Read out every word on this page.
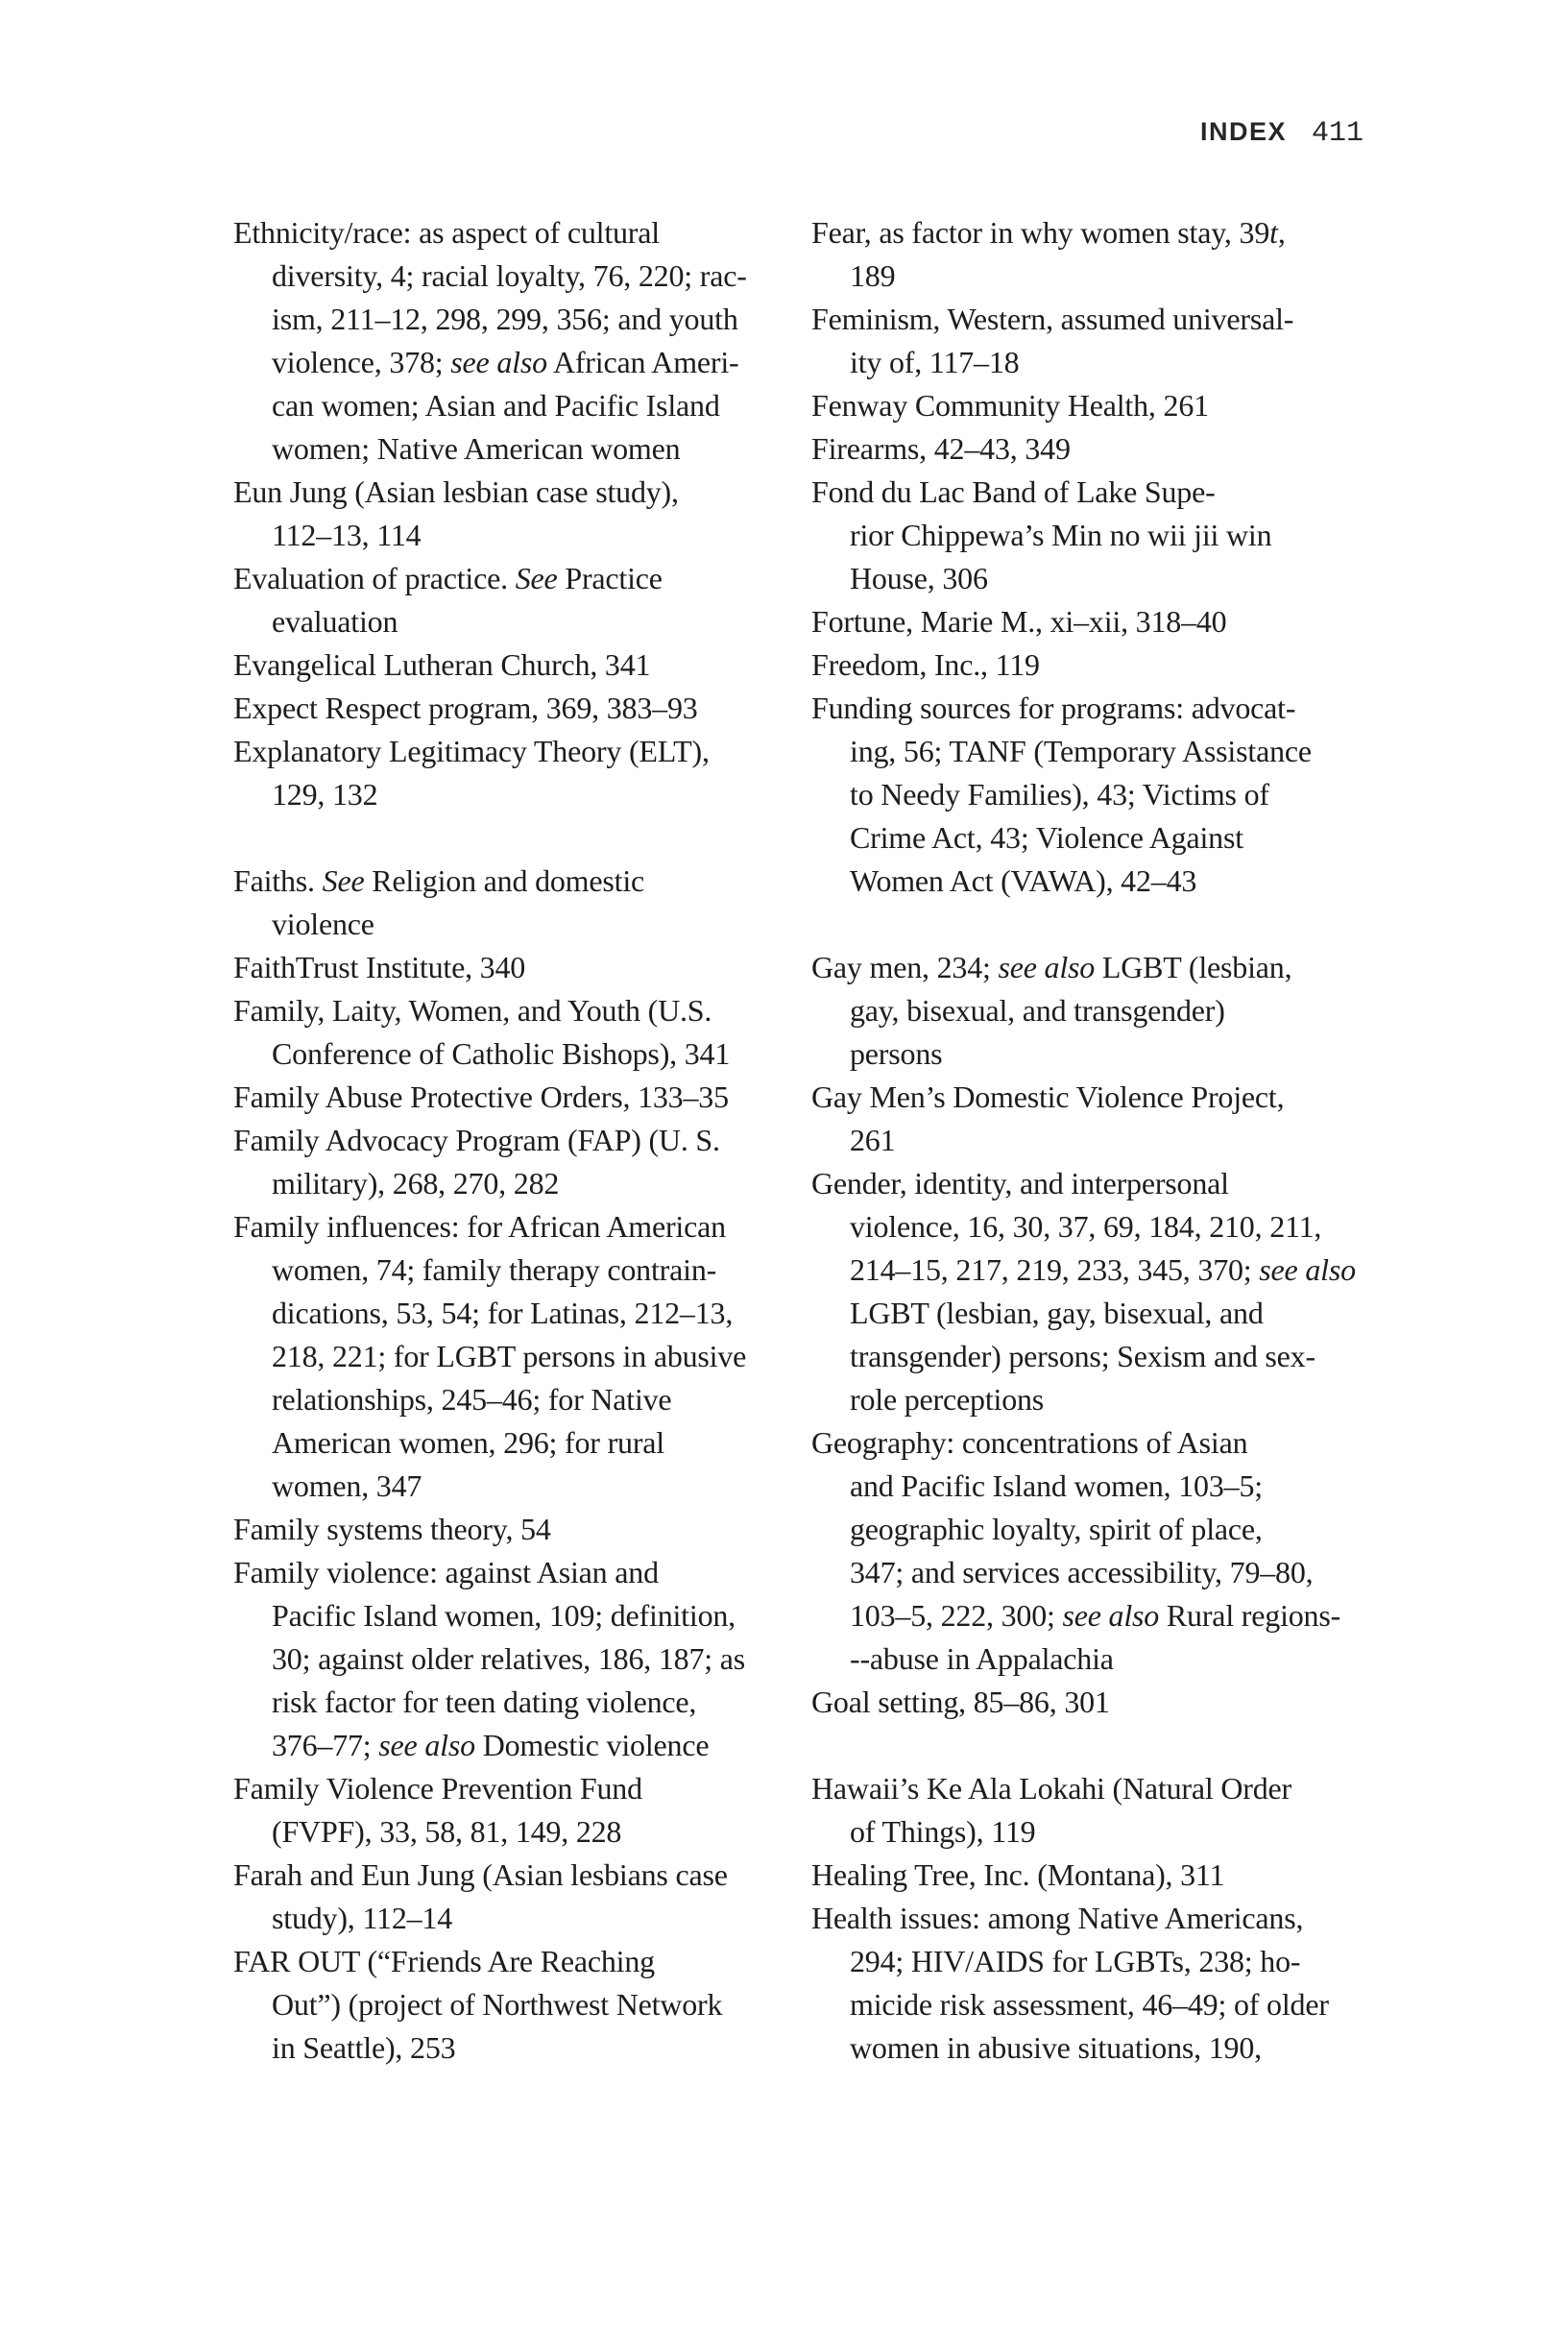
INDEX 411
Ethnicity/race: as aspect of cultural
diversity, 4; racial loyalty, 76, 220; rac-
ism, 211–12, 298, 299, 356; and youth
violence, 378; see also African Ameri-
can women; Asian and Pacific Island
women; Native American women
Eun Jung (Asian lesbian case study),
112–13, 114
Evaluation of practice. See Practice
evaluation
Evangelical Lutheran Church, 341
Expect Respect program, 369, 383–93
Explanatory Legitimacy Theory (ELT),
129, 132
Faiths. See Religion and domestic
violence
FaithTrust Institute, 340
Family, Laity, Women, and Youth (U.S.
Conference of Catholic Bishops), 341
Family Abuse Protective Orders, 133–35
Family Advocacy Program (FAP) (U. S.
military), 268, 270, 282
Family influences: for African American
women, 74; family therapy contrain-
dications, 53, 54; for Latinas, 212–13,
218, 221; for LGBT persons in abusive
relationships, 245–46; for Native
American women, 296; for rural
women, 347
Family systems theory, 54
Family violence: against Asian and
Pacific Island women, 109; definition,
30; against older relatives, 186, 187; as
risk factor for teen dating violence,
376–77; see also Domestic violence
Family Violence Prevention Fund
(FVPF), 33, 58, 81, 149, 228
Farah and Eun Jung (Asian lesbians case
study), 112–14
FAR OUT (“Friends Are Reaching
Out”) (project of Northwest Network
in Seattle), 253
Fear, as factor in why women stay, 39t,
189
Feminism, Western, assumed universal-
ity of, 117–18
Fenway Community Health, 261
Firearms, 42–43, 349
Fond du Lac Band of Lake Supe-
rior Chippewa’s Min no wii jii win
House, 306
Fortune, Marie M., xi–xii, 318–40
Freedom, Inc., 119
Funding sources for programs: advocat-
ing, 56; TANF (Temporary Assistance
to Needy Families), 43; Victims of
Crime Act, 43; Violence Against
Women Act (VAWA), 42–43
Gay men, 234; see also LGBT (lesbian,
gay, bisexual, and transgender)
persons
Gay Men’s Domestic Violence Project,
261
Gender, identity, and interpersonal
violence, 16, 30, 37, 69, 184, 210, 211,
214–15, 217, 219, 233, 345, 370; see also
LGBT (lesbian, gay, bisexual, and
transgender) persons; Sexism and sex-
role perceptions
Geography: concentrations of Asian
and Pacific Island women, 103–5;
geographic loyalty, spirit of place,
347; and services accessibility, 79–80,
103–5, 222, 300; see also Rural regions-
--abuse in Appalachia
Goal setting, 85–86, 301
Hawaii’s Ke Ala Lokahi (Natural Order
of Things), 119
Healing Tree, Inc. (Montana), 311
Health issues: among Native Americans,
294; HIV/AIDS for LGBTs, 238; ho-
micide risk assessment, 46–49; of older
women in abusive situations, 190,
